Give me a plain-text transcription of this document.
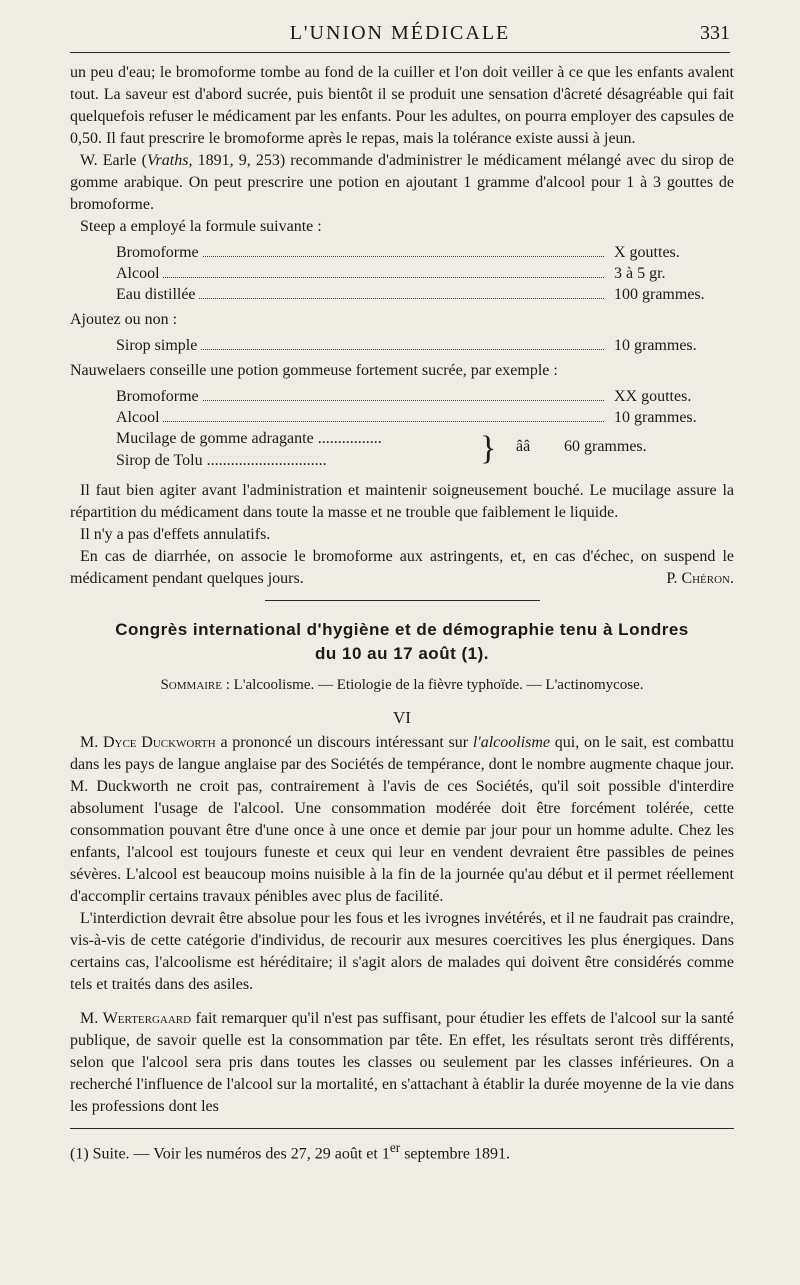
L'UNION MÉDICALE	331

un peu d'eau; le bromoforme tombe au fond de la cuiller et l'on doit veiller à ce que les enfants avalent tout. La saveur est d'abord sucrée, puis bientôt il se produit une sensation d'âcreté désagréable qui fait quelquefois refuser le médicament par les enfants. Pour les adultes, on pourra employer des capsules de 0,50. Il faut prescrire le bromoforme après le repas, mais la tolérance existe aussi à jeun.

W. Earle (Vraths, 1891, 9, 253) recommande d'administrer le médicament mélangé avec du sirop de gomme arabique. On peut prescrire une potion en ajoutant 1 gramme d'alcool pour 1 à 3 gouttes de bromoforme.

Steep a employé la formule suivante :

Bromoforme	X gouttes.
Alcool	3 à 5 gr.
Eau distillée	100 grammes.

Ajoutez ou non :

Sirop simple	10 grammes.

Nauwelaers conseille une potion gommeuse fortement sucrée, par exemple :

Bromoforme	XX gouttes.
Alcool	10 grammes.
Mucilage de gomme adragante ................
Sirop de Tolu ..............................	} ââ 60 grammes.

Il faut bien agiter avant l'administration et maintenir soigneusement bouché. Le mucilage assure la répartition du médicament dans toute la masse et ne trouble que faiblement le liquide.

Il n'y a pas d'effets annulatifs.

En cas de diarrhée, on associe le bromoforme aux astringents, et, en cas d'échec, on suspend le médicament pendant quelques jours.	P. Chéron.

Congrès international d'hygiène et de démographie tenu à Londres
du 10 au 17 août (1).
Sommaire : L'alcoolisme. — Etiologie de la fièvre typhoïde. — L'actinomycose.
VI

M. Dyce Duckworth a prononcé un discours intéressant sur l'alcoolisme qui, on le sait, est combattu dans les pays de langue anglaise par des Sociétés de tempérance, dont le nombre augmente chaque jour. M. Duckworth ne croit pas, contrairement à l'avis de ces Sociétés, qu'il soit possible d'interdire absolument l'usage de l'alcool. Une consommation modérée doit être forcément tolérée, cette consommation pouvant être d'une once à une once et demie par jour pour un homme adulte. Chez les enfants, l'alcool est toujours funeste et ceux qui leur en vendent devraient être passibles de peines sévères. L'alcool est beaucoup moins nuisible à la fin de la journée qu'au début et il permet réellement d'accomplir certains travaux pénibles avec plus de facilité.

L'interdiction devrait être absolue pour les fous et les ivrognes invétérés, et il ne faudrait pas craindre, vis-à-vis de cette catégorie d'individus, de recourir aux mesures coercitives les plus énergiques. Dans certains cas, l'alcoolisme est héréditaire; il s'agit alors de malades qui doivent être considérés comme tels et traités dans des asiles.

M. Wertergaard fait remarquer qu'il n'est pas suffisant, pour étudier les effets de l'alcool sur la santé publique, de savoir quelle est la consommation par tête. En effet, les résultats seront très différents, selon que l'alcool sera pris dans toutes les classes ou seulement par les classes inférieures. On a recherché l'influence de l'alcool sur la mortalité, en s'attachant à établir la durée moyenne de la vie dans les professions dont les

(1) Suite. — Voir les numéros des 27, 29 août et 1er septembre 1891.
